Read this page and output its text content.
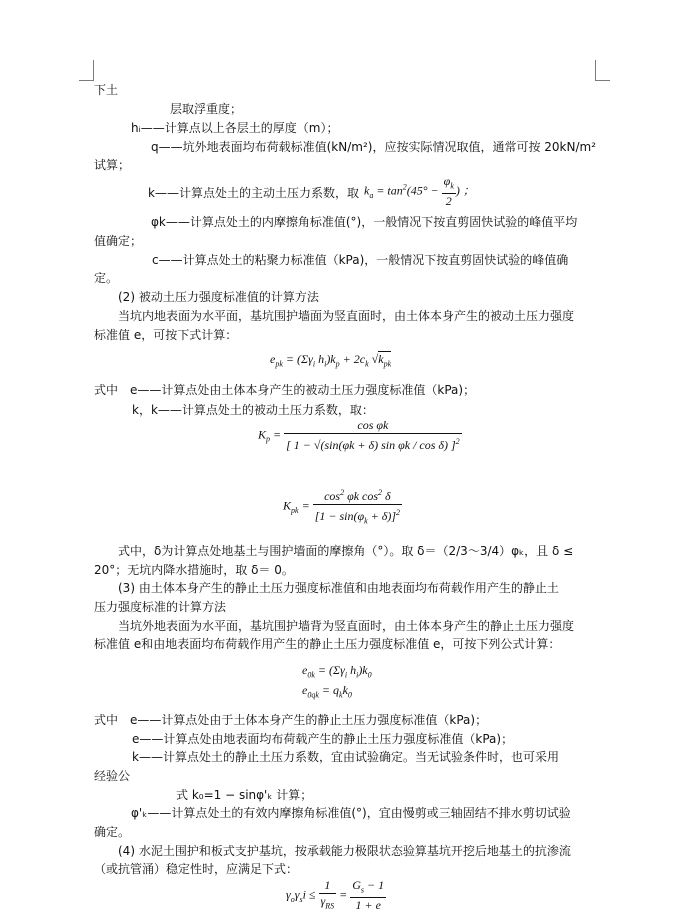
下土
层取浮重度；
hᵢ——计算点以上各层土的厚度（m）；
q——坑外地表面均布荷载标准值(kN/m²)，应按实际情况取值，通常可按 20kN/m²
试算；
k——计算点处土的主动土压力系数，取 $k_a = \tan^2(45^\circ - \frac{\varphi_k}{2}$ ) ；
φk——计算点处土的内摩擦角标准值(°)，一般情况下按直剪固快试验的峰值平均
值确定；
c——计算点处土的粘聚力标准值（kPa)，一般情况下按直剪固快试验的峰值确
定。
(2) 被动土压力强度标准值的计算方法
当坑内地表面为水平面，基坑围护墙面为竖直面时，由土体本身产生的被动土压力强度
标准值 e，可按下式计算：
$e_{pk} = (\Sigma\gamma_i$ $h_i)k_p + 2c_k$ $√k_{pk}$
式中　e——计算点处由土体本身产生的被动土压力强度标准值（kPa)；
k，k——计算点处土的被动土压力系数，取：
$K_p = \frac{\text{cos φk}}{[ 1 - √(\sin(\varphi k + \delta) \sin \varphi k / \cos \delta) ]^2}$
$K_{pk} = \frac{\cos^2 \varphi k \cos^2 \delta}{[1 - \sin(\varphi_k + \delta)]^2}$
式中，δ为计算点处地基土与围护墙面的摩擦角（°）。取 δ＝（2/3～3/4）φₖ，且 δ ≤
20°；无坑内降水措施时，取 δ＝ 0。
(3) 由土体本身产生的静止土压力强度标准值和由地表面均布荷载作用产生的静止土
压力强度标准的计算方法
当坑外地表面为水平面，基坑围护墙背为竖直面时，由土体本身产生的静止土压力强度
标准值 e和由地表面均布荷载作用产生的静止土压力强度标准值 e，可按下列公式计算：
$e_{0k} = (\Sigma\gamma_i$ $h_i)k_0$
$e_{0qk} = q_kk_0$
式中　e——计算点处由于土体本身产生的静止土压力强度标准值（kPa)；
e——计算点处由地表面均布荷载产生的静止土压力强度标准值（kPa)；
k——计算点处土的静止土压力系数，宜由试验确定。当无试验条件时，也可采用
经验公
式 k₀=1 − sinφ'ₖ 计算；
φ'ₖ——计算点处土的有效内摩擦角标准值(°)，宜由慢剪或三轴固结不排水剪切试验
确定。
(4) 水泥土围护和板式支护基坑，按承载能力极限状态验算基坑开挖后地基土的抗渗流
（或抗管涌）稳定性时，应满足下式：
$\gamma_o\gamma_si \le \frac{1}{\gamma_{RS}} = \frac{G_s - 1}{1 + e}$
